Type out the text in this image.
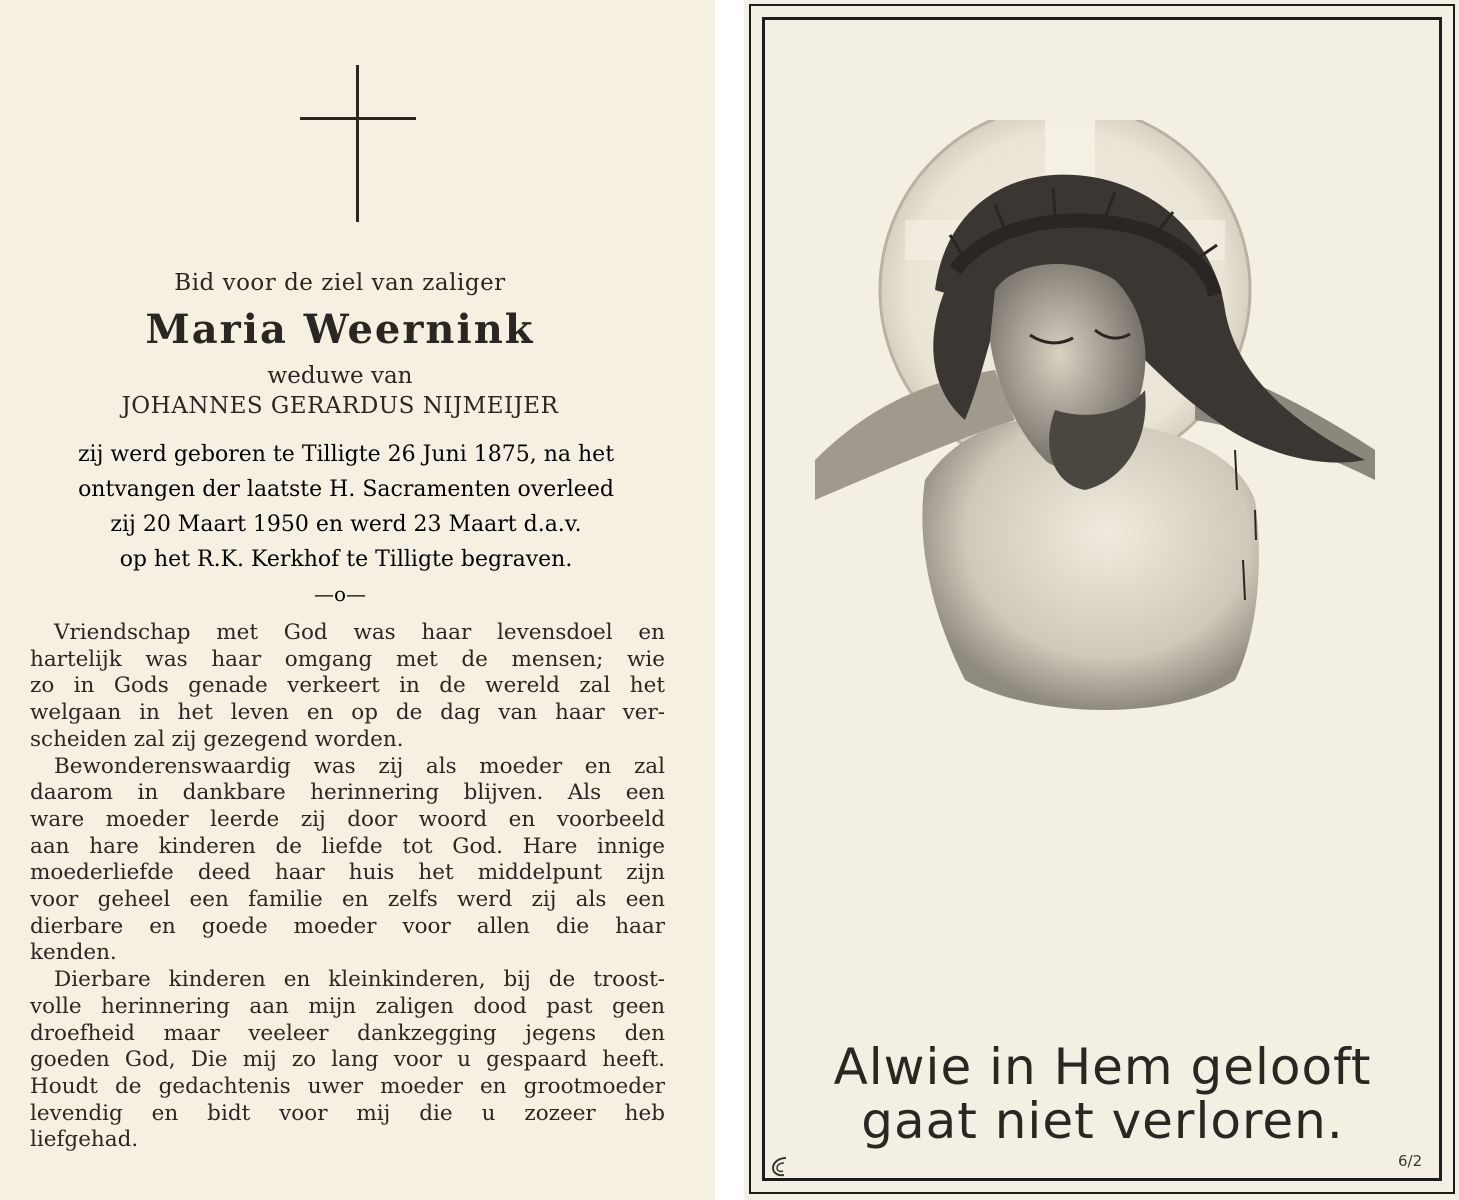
Bid voor de ziel van zaliger
Maria Weernink
weduwe van
JOHANNES GERARDUS NIJMEIJER
zij werd geboren te Tilligte 26 Juni 1875, na het
ontvangen der laatste H. Sacramenten overleed
zij 20 Maart 1950 en werd 23 Maart d.a.v.
op het R.K. Kerkhof te Tilligte begraven.
—o—
Vriendschap met God was haar levensdoel en
hartelijk was haar omgang met de mensen; wie
zo in Gods genade verkeert in de wereld zal het
welgaan in het leven en op de dag van haar ver-
scheiden zal zij gezegend worden.
Bewonderenswaardig was zij als moeder en zal
daarom in dankbare herinnering blijven. Als een
ware moeder leerde zij door woord en voorbeeld
aan hare kinderen de liefde tot God. Hare innige
moederliefde deed haar huis het middelpunt zijn
voor geheel een familie en zelfs werd zij als een
dierbare en goede moeder voor allen die haar
kenden.
Dierbare kinderen en kleinkinderen, bij de troost-
volle herinnering aan mijn zaligen dood past geen
droefheid maar veeleer dankzegging jegens den
goeden God, Die mij zo lang voor u gespaard heeft.
Houdt de gedachtenis uwer moeder en grootmoeder
levendig en bidt voor mij die u zozeer heb
liefgehad.
Alwie in Hem gelooft
gaat niet verloren.
6/2
